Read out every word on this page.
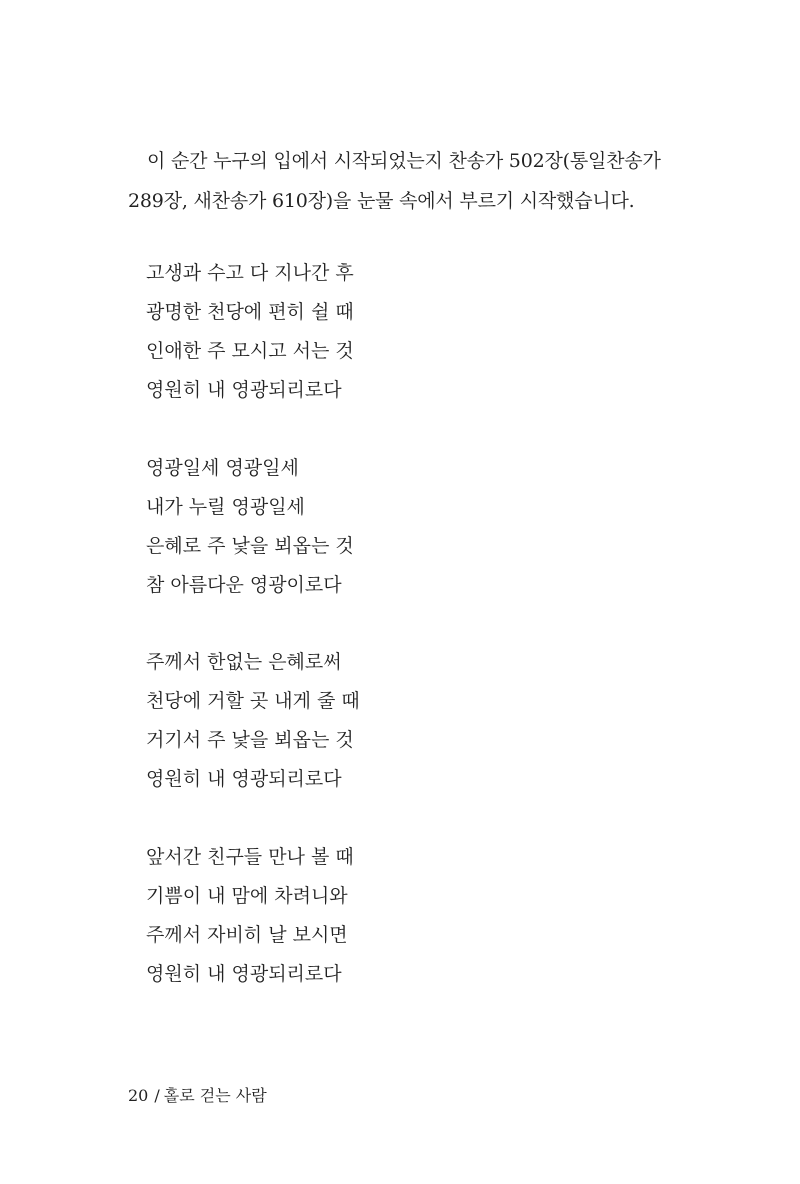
이 순간 누구의 입에서 시작되었는지 찬송가 502장(통일찬송가 289장, 새찬송가 610장)을 눈물 속에서 부르기 시작했습니다.

고생과 수고 다 지나간 후
광명한 천당에 편히 쉴 때
인애한 주 모시고 서는 것
영원히 내 영광되리로다
영광일세 영광일세
내가 누릴 영광일세
은혜로 주 낯을 뵈옵는 것
참 아름다운 영광이로다
주께서 한없는 은혜로써
천당에 거할 곳 내게 줄 때
거기서 주 낯을 뵈옵는 것
영원히 내 영광되리로다
앞서간 친구들 만나 볼 때
기쁨이 내 맘에 차려니와
주께서 자비히 날 보시면
영원히 내 영광되리로다
20 / 홀로 걷는 사람
